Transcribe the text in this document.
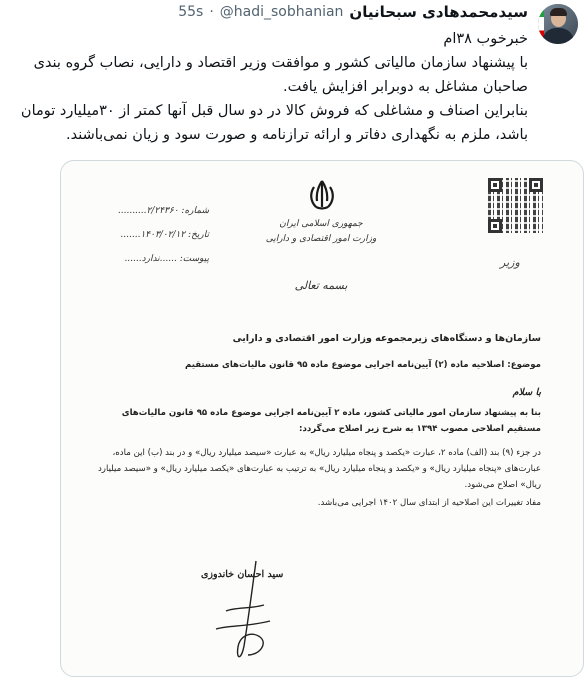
سیدمحمدهادی سبحانیان
@hadi_sobhanian
·
55s

خبرخوب ۳۸ام

با پیشنهاد سازمان مالیاتی کشور و موافقت وزیر اقتصاد و دارایی، نصاب گروه بندی صاحبان مشاغل به دوبرابر افزایش یافت.

بنابراین اصناف و مشاغلی که فروش کالا در دو سال قبل آنها کمتر از ۳۰میلیارد تومان باشد، ملزم به نگهداری دفاتر و ارائه ترازنامه و صورت سود و زیان نمی‌باشند.

وزیر
جمهوری اسلامی ایران
وزارت امور اقتصادی و دارایی
شماره: ۲/۲۴۳۶۰..........
تاریخ: ۱۴۰۳/۰۲/۱۲.......
پیوست: ......ندارد......
بسمه تعالی
سازمان‌ها و دستگاه‌های زیرمجموعه وزارت امور اقتصادی و دارایی
موضوع: اصلاحیه ماده (۲) آیین‌نامه اجرایی موضوع ماده ۹۵ قانون مالیات‌های مستقیم
با سلام

بنا به پیشنهاد سازمان امور مالیاتی کشور، ماده ۲ آیین‌نامه اجرایی موضوع ماده ۹۵ قانون مالیات‌های مستقیم اصلاحی مصوب ۱۳۹۴ به شرح زیر اصلاح می‌گردد:

در جزء (۹) بند (الف) ماده ۲، عبارت «یکصد و پنجاه میلیارد ریال» به عبارت «سیصد میلیارد ریال» و در بند (ب) این ماده، عبارت‌های «پنجاه میلیارد ریال» و «یکصد و پنجاه میلیارد ریال» به ترتیب به عبارت‌های «یکصد میلیارد ریال» و «سیصد میلیارد ریال» اصلاح می‌شود.

مفاد تغییرات این اصلاحیه از ابتدای سال ۱۴۰۲ اجرایی می‌باشد.

سید احسان خاندوزی
